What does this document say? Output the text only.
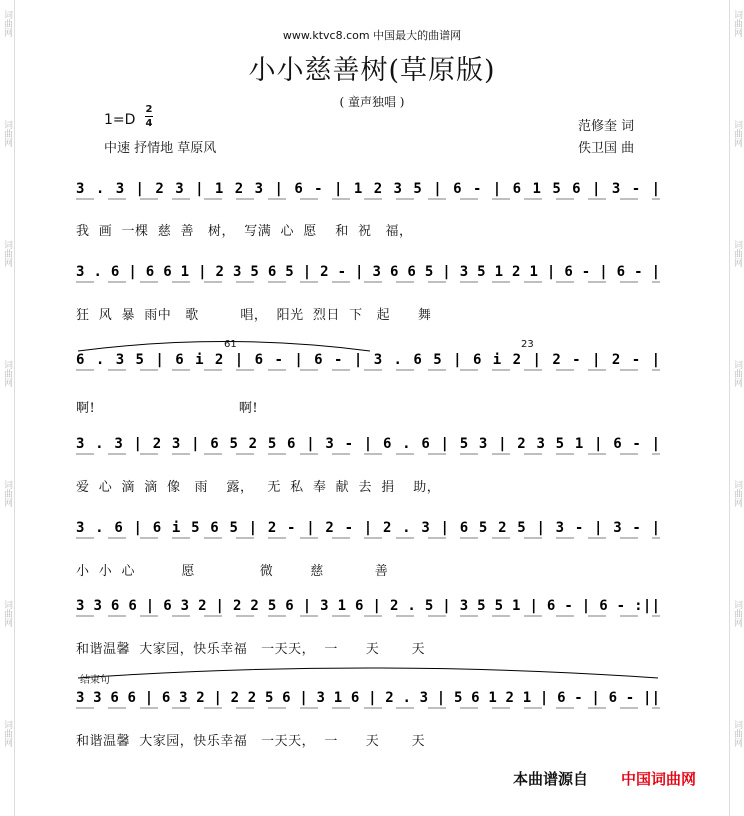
词曲网
词曲网
词曲网
词曲网
词曲网
词曲网
词曲网
词曲网
词曲网
词曲网
词曲网
词曲网
词曲网
词曲网
www.ktvc8.com 中国最大的曲谱网
小小慈善树(草原版)
( 童声独唱 )
1=D
2
4
中速 抒情地 草原风
范修奎 词
佚卫国 曲
3 . 3 | 2 3 | 1 2 3 | 6 - | 1 2 3 5 | 6 - | 6 1 5 6 | 3 - |
3 . 6 | 6 6 1 | 2 3 5 6 5 | 2 - | 3 6 6 5 | 3 5 1 2 1 | 6 - | 6 - |
6 . 3 5 | 6 i 2 | 6 - | 6 - | 3 . 6 5 | 6 i 2 | 2 - | 2 - |
3 . 3 | 2 3 | 6 5 2 5 6 | 3 - | 6 . 6 | 5 3 | 2 3 5 1 | 6 - |
3 . 6 | 6 i 5 6 5 | 2 - | 2 - | 2 . 3 | 6 5 2 5 | 3 - | 3 - |
3 3 6 6 | 6 3 2 | 2 2 5 6 | 3 1 6 | 2 . 5 | 3 5 5 1 | 6 - | 6 - :||
3 3 6 6 | 6 3 2 | 2 2 5 6 | 3 1 6 | 2 . 3 | 5 6 1 2 1 | 6 - | 6 - ||
我  画  一棵  慈  善   树，  写满  心  愿    和  祝   福，
狂  风  暴  雨中   歌         唱，  阳光  烈日  下   起      舞
啊!                               啊!
爱  心  滴  滴  像   雨    露，   无  私  奉  献  去  捐    助，
小  小  心          愿              微        慈           善
和谐温馨  大家园，快乐幸福   一天天，  一      天       天
和谐温馨  大家园，快乐幸福   一天天，  一      天       天
61	23
结束句
本曲谱源自 中国词曲网
